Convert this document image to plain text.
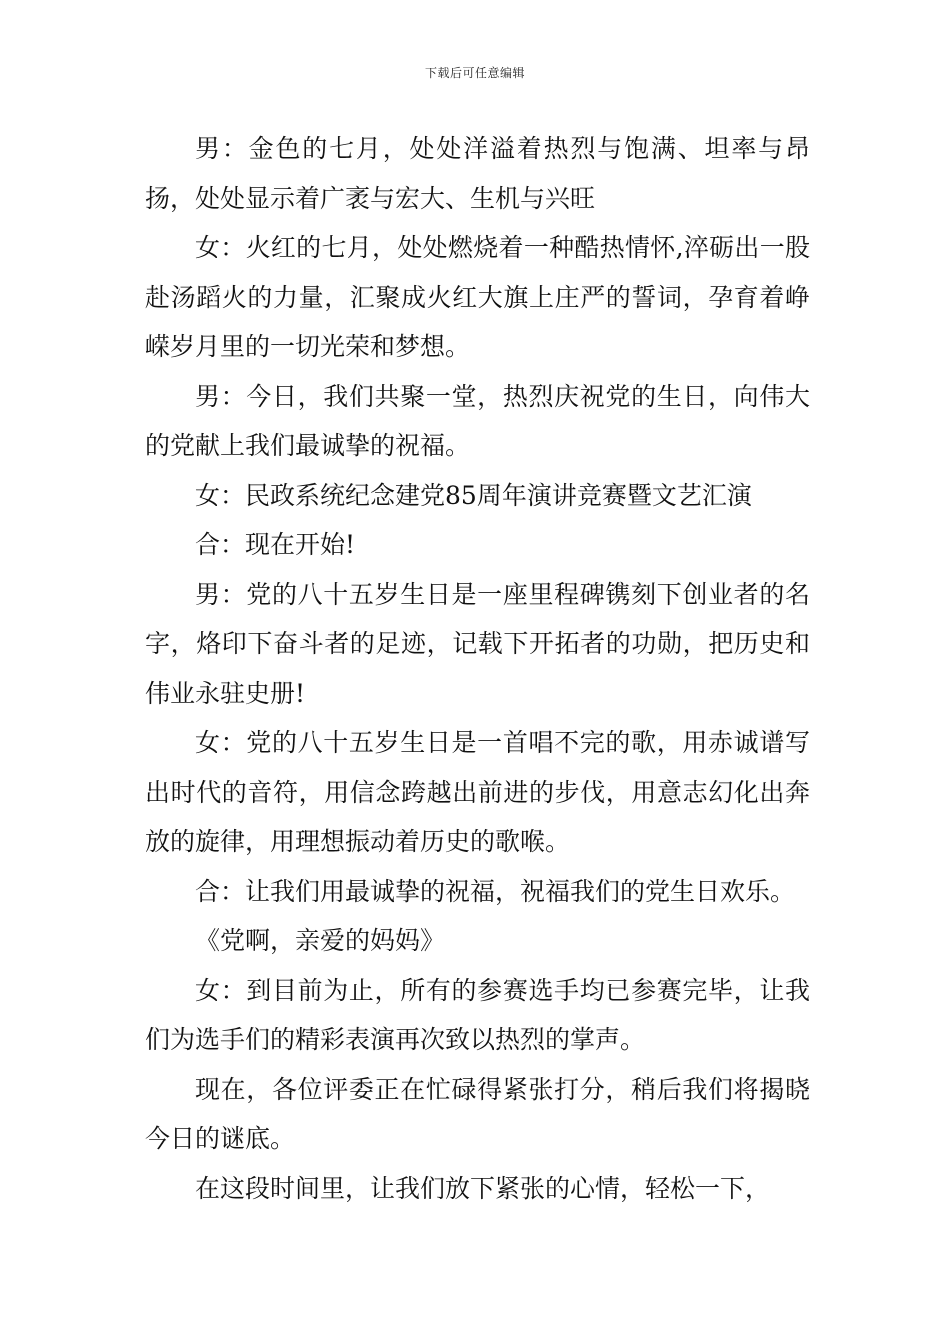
下载后可任意编辑

男：金色的七月，处处洋溢着热烈与饱满、坦率与昂扬，处处显示着广袤与宏大、生机与兴旺

女：火红的七月，处处燃烧着一种酷热情怀,淬砺出一股赴汤蹈火的力量，汇聚成火红大旗上庄严的誓词，孕育着峥嵘岁月里的一切光荣和梦想。

男：今日，我们共聚一堂，热烈庆祝党的生日，向伟大的党献上我们最诚挚的祝福。

女：民政系统纪念建党85周年演讲竞赛暨文艺汇演

合：现在开始!

男：党的八十五岁生日是一座里程碑镌刻下创业者的名字，烙印下奋斗者的足迹，记载下开拓者的功勋，把历史和伟业永驻史册!

女：党的八十五岁生日是一首唱不完的歌，用赤诚谱写出时代的音符，用信念跨越出前进的步伐，用意志幻化出奔放的旋律，用理想振动着历史的歌喉。

合：让我们用最诚挚的祝福，祝福我们的党生日欢乐。

《党啊，亲爱的妈妈》

女：到目前为止，所有的参赛选手均已参赛完毕，让我们为选手们的精彩表演再次致以热烈的掌声。

现在，各位评委正在忙碌得紧张打分，稍后我们将揭晓今日的谜底。

在这段时间里，让我们放下紧张的心情，轻松一下，
